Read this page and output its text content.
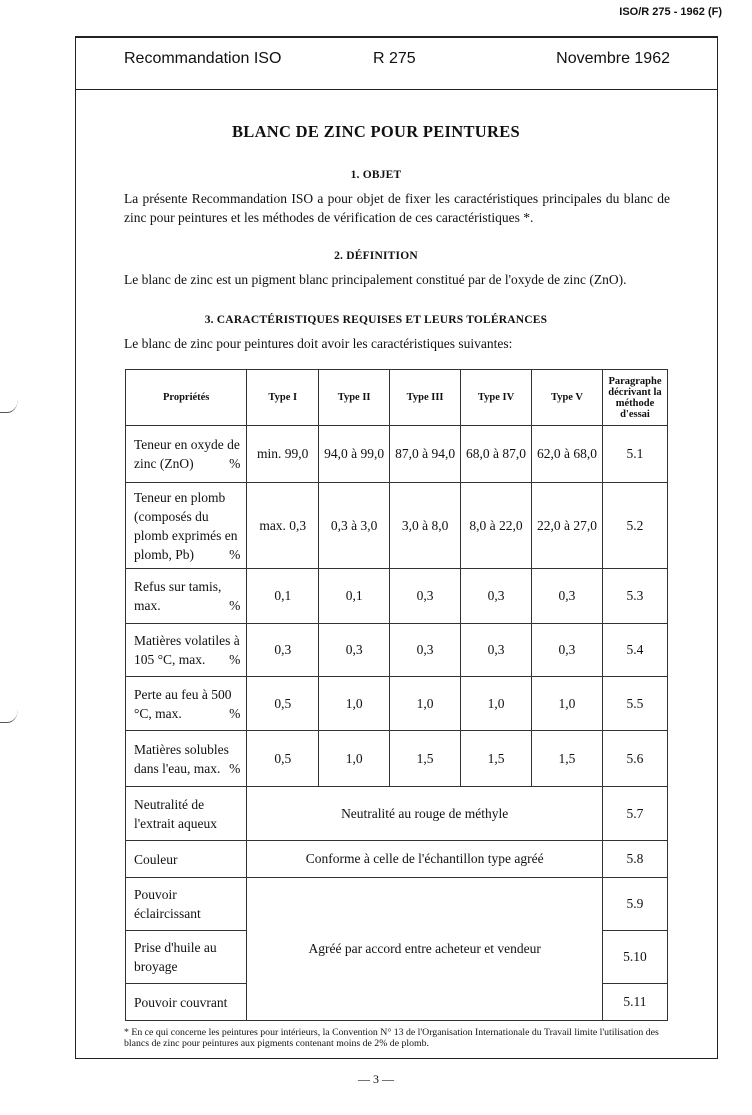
ISO/R 275 - 1962 (F)
Recommandation ISO	R 275	Novembre 1962
BLANC DE ZINC POUR PEINTURES
1. OBJET
La présente Recommandation ISO a pour objet de fixer les caractéristiques principales du blanc de zinc pour peintures et les méthodes de vérification de ces caractéristiques *.
2. DÉFINITION
Le blanc de zinc est un pigment blanc principalement constitué par de l'oxyde de zinc (ZnO).
3. CARACTÉRISTIQUES REQUISES ET LEURS TOLÉRANCES
Le blanc de zinc pour peintures doit avoir les caractéristiques suivantes:
Propriétés	Type I	Type II	Type III	Type IV	Type V	Paragraphe décrivant la méthode d'essai
Teneur en oxyde de zinc (ZnO) %	min. 99,0	94,0 à 99,0	87,0 à 94,0	68,0 à 87,0	62,0 à 68,0	5.1
Teneur en plomb (composés du plomb exprimés en plomb, Pb) %	max. 0,3	0,3 à 3,0	3,0 à 8,0	8,0 à 22,0	22,0 à 27,0	5.2
Refus sur tamis, max. %	0,1	0,1	0,3	0,3	0,3	5.3
Matières volatiles à 105 °C, max. %	0,3	0,3	0,3	0,3	0,3	5.4
Perte au feu à 500 °C, max. %	0,5	1,0	1,0	1,0	1,0	5.5
Matières solubles dans l'eau, max. %	0,5	1,0	1,5	1,5	1,5	5.6
Neutralité de l'extrait aqueux	Neutralité au rouge de méthyle					5.7
Couleur	Conforme à celle de l'échantillon type agréé					5.8
Pouvoir éclaircissant	Agréé par accord entre acheteur et vendeur					5.9
Prise d'huile au broyage						5.10
Pouvoir couvrant						5.11
* En ce qui concerne les peintures pour intérieurs, la Convention N° 13 de l'Organisation Internationale du Travail limite l'utilisation des blancs de zinc pour peintures aux pigments contenant moins de 2% de plomb.
— 3 —
